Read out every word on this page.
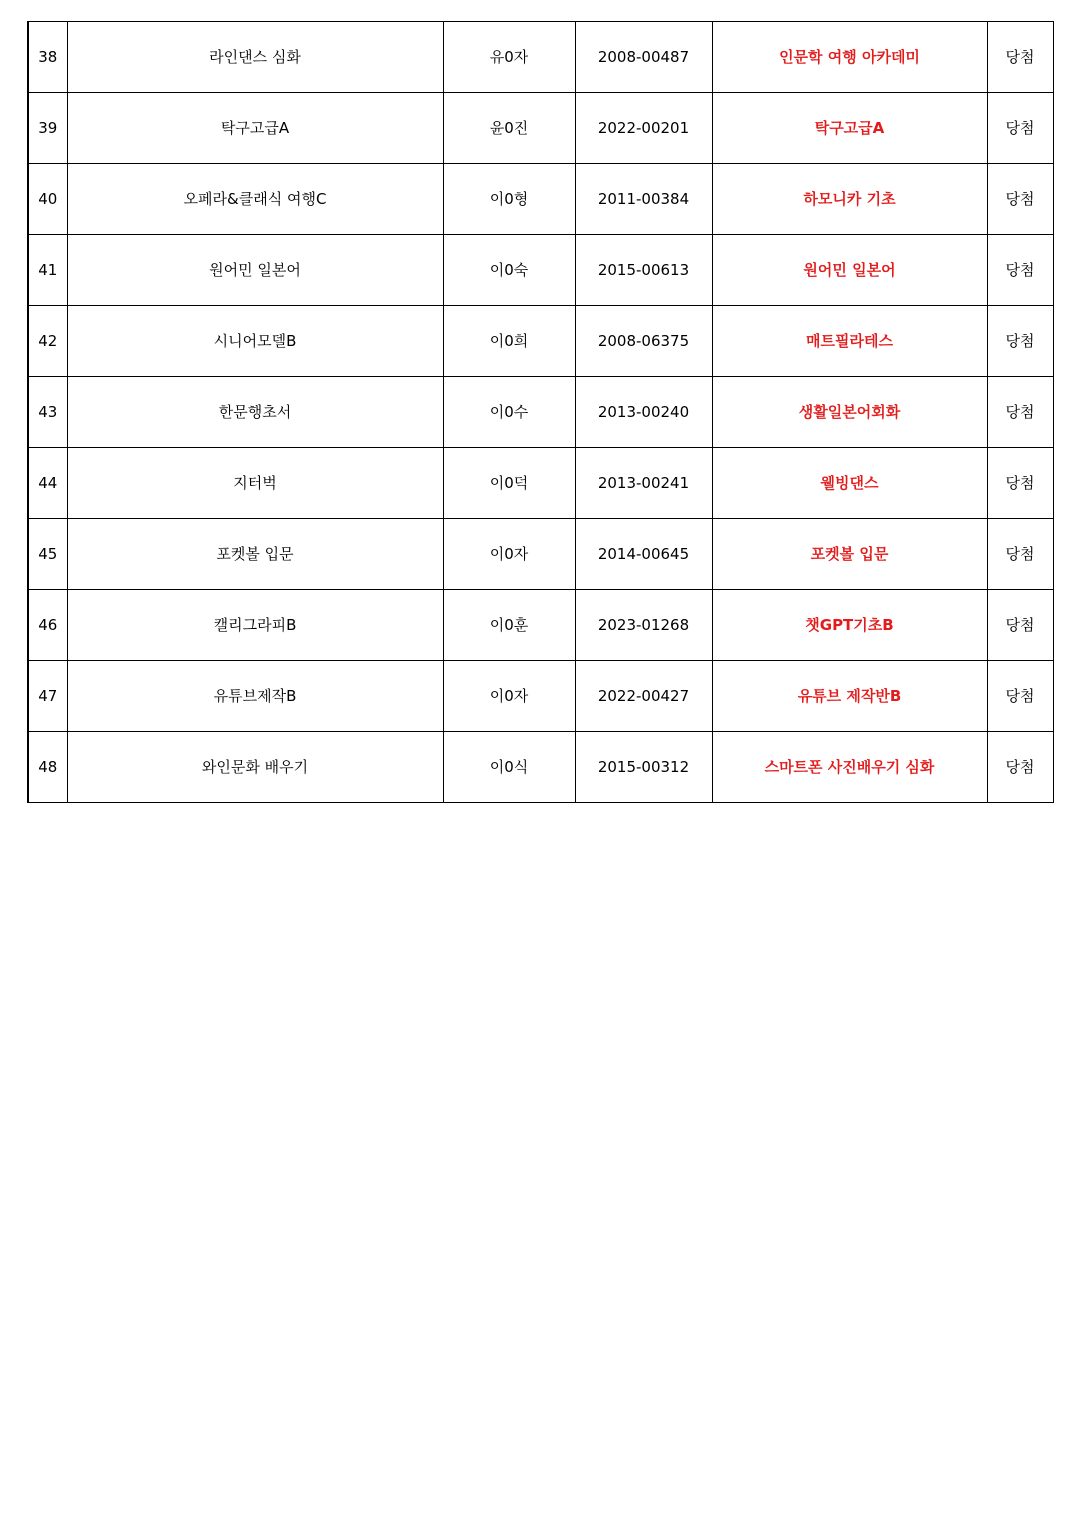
38	라인댄스 심화	유0자	2008-00487	인문학 여행 아카데미	당첨
39	탁구고급A	윤0진	2022-00201	탁구고급A	당첨
40	오페라&클래식 여행C	이0형	2011-00384	하모니카 기초	당첨
41	원어민 일본어	이0숙	2015-00613	원어민 일본어	당첨
42	시니어모델B	이0희	2008-06375	매트필라테스	당첨
43	한문행초서	이0수	2013-00240	생활일본어회화	당첨
44	지터벅	이0덕	2013-00241	웰빙댄스	당첨
45	포켓볼 입문	이0자	2014-00645	포켓볼 입문	당첨
46	캘리그라피B	이0훈	2023-01268	챗GPT기초B	당첨
47	유튜브제작B	이0자	2022-00427	유튜브 제작반B	당첨
48	와인문화 배우기	이0식	2015-00312	스마트폰 사진배우기 심화	당첨
